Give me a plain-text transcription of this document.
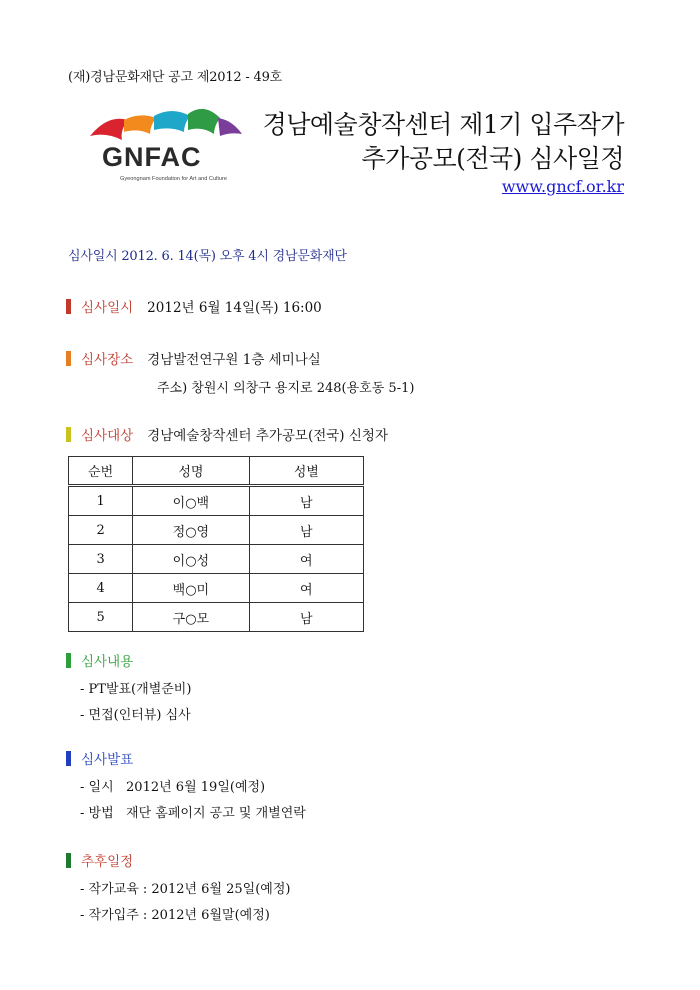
(재)경남문화재단 공고 제2012 - 49호
GNFAC
Gyeongnam Foundation for Art and Culture
경남예술창작센터 제1기 입주작가
추가공모(전국) 심사일정
www.gncf.or.kr
심사일시 2012. 6. 14(목) 오후 4시 경남문화재단
심사일시 2012년 6월 14일(목) 16:00
심사장소 경남발전연구원 1층 세미나실
주소) 창원시 의창구 용지로 248(용호동 5-1)
심사대상 경남예술창작센터 추가공모(전국) 신청자
순번	성명	성별
1	이○백	남
2	정○영	남
3	이○성	여
4	백○미	여
5	구○모	남
심사내용
- PT발표(개별준비)
- 면접(인터뷰) 심사
심사발표
- 일시   2012년 6월 19일(예정)
- 방법   재단 홈페이지 공고 및 개별연락
추후일정
- 작가교육 : 2012년 6월 25일(예정)
- 작가입주 : 2012년 6월말(예정)
